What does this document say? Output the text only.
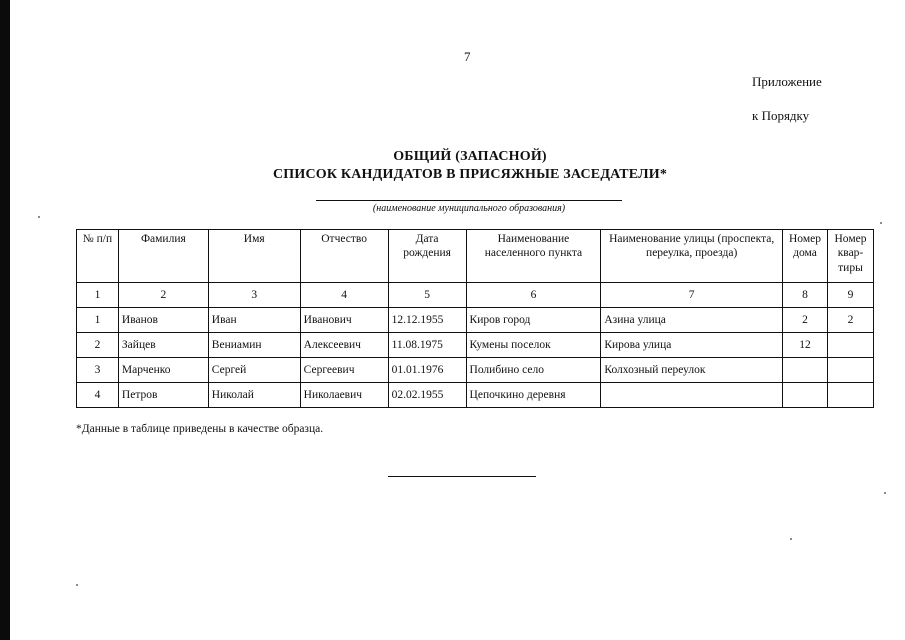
7
Приложение
к Порядку
ОБЩИЙ (ЗАПАСНОЙ)
СПИСОК КАНДИДАТОВ В ПРИСЯЖНЫЕ ЗАСЕДАТЕЛИ*
(наименование муниципального образования)
№ п/п	Фамилия	Имя	Отчество	Дата рождения	Наименование населенного пункта	Наименование улицы (проспекта, переулка, проезда)	Номер дома	Номер квар-тиры
1	2	3	4	5	6	7	8	9
1	Иванов	Иван	Иванович	12.12.1955	Киров город	Азина улица	2	2
2	Зайцев	Вениамин	Алексеевич	11.08.1975	Кумены поселок	Кирова улица	12	
3	Марченко	Сергей	Сергеевич	01.01.1976	Полибино село	Колхозный переулок		
4	Петров	Николай	Николаевич	02.02.1955	Цепочкино деревня			
*Данные в таблице приведены в качестве образца.
